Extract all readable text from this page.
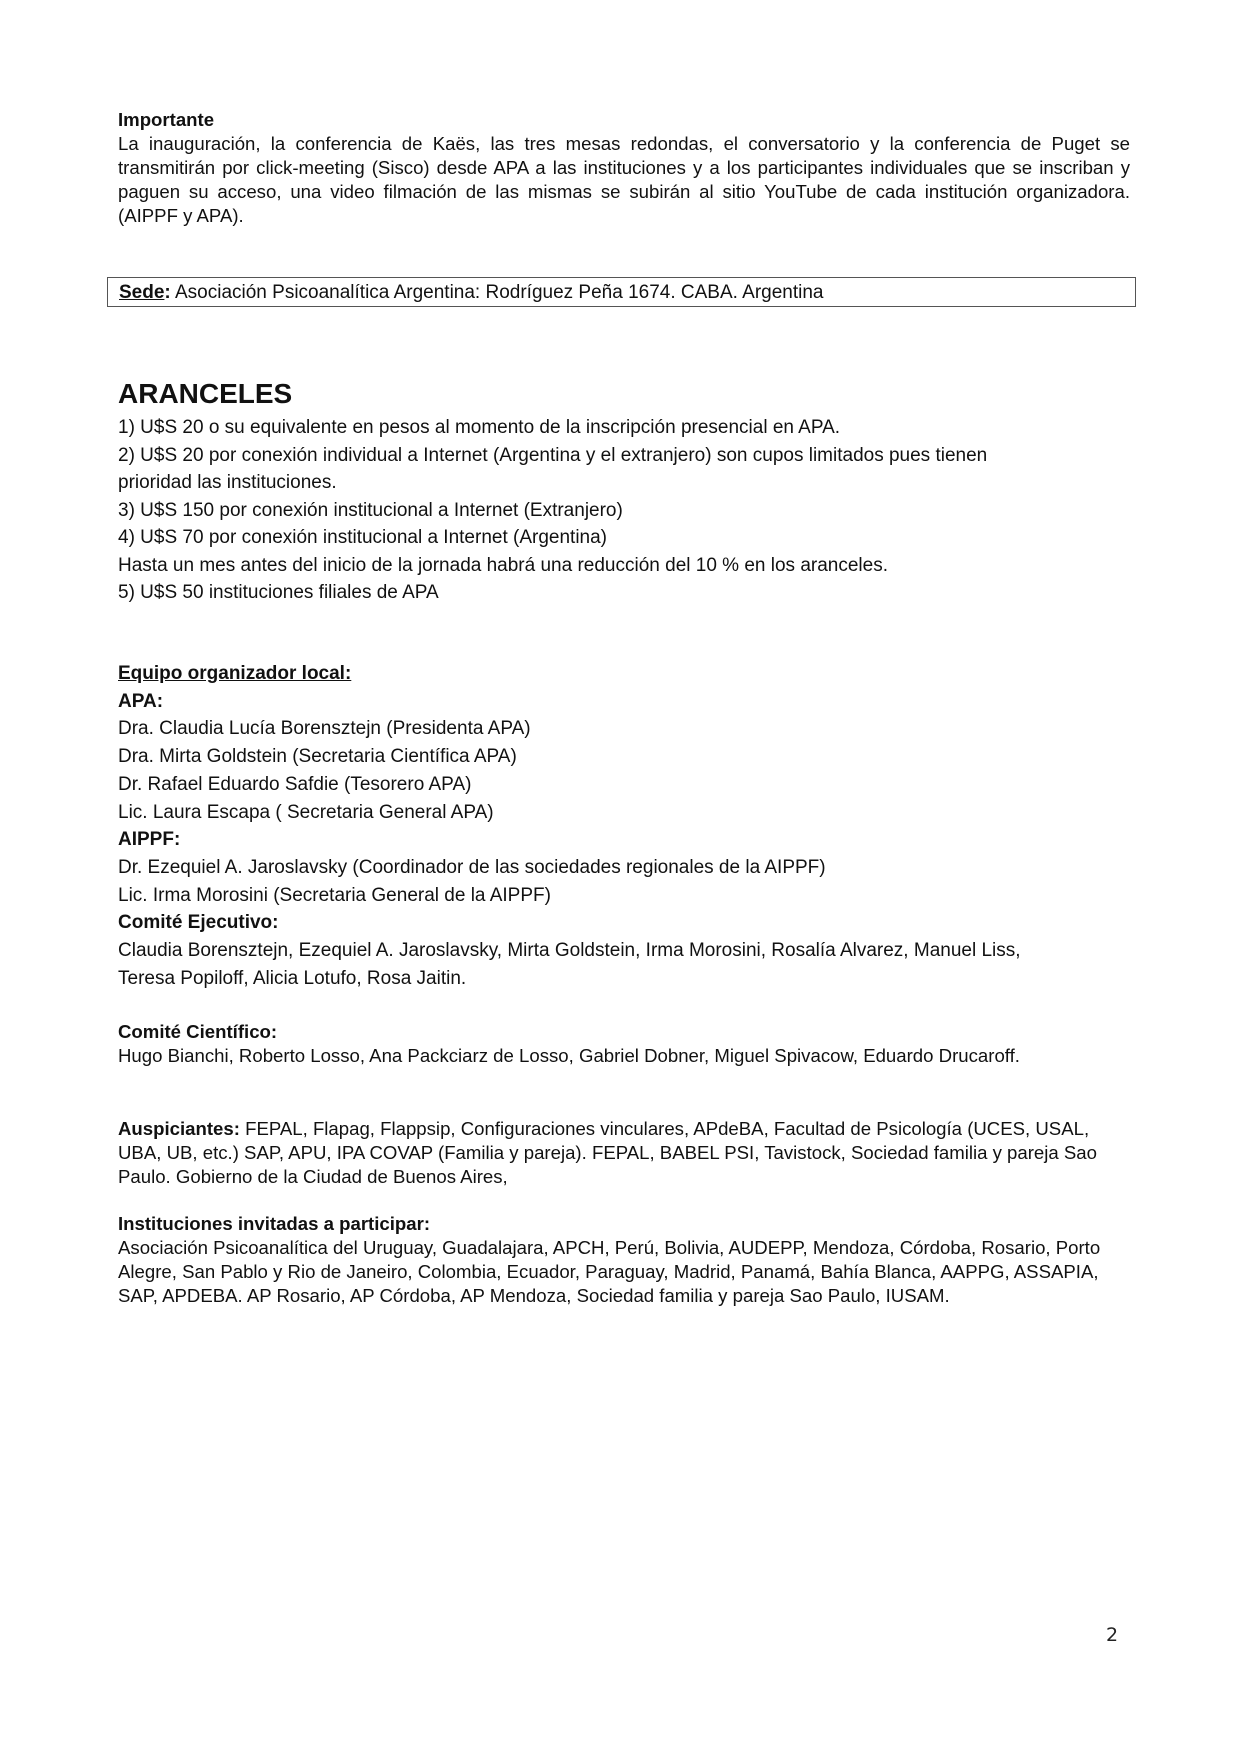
Importante

La inauguración, la conferencia de Kaës, las tres mesas redondas, el conversatorio y la conferencia de Puget se transmitirán por click-meeting (Sisco) desde APA a las instituciones y a los participantes individuales que se inscriban y paguen su acceso, una video filmación de las mismas se subirán al sitio YouTube de cada institución organizadora. (AIPPF y APA).

Sede: Asociación Psicoanalítica Argentina: Rodríguez Peña 1674. CABA. Argentina

ARANCELES

1) U$S 20 o su equivalente en pesos al momento de la inscripción presencial en APA.

2) U$S 20 por conexión individual a Internet (Argentina y el extranjero) son cupos limitados pues tienen

prioridad las instituciones.

3) U$S 150 por conexión institucional a Internet (Extranjero)

4) U$S 70 por conexión institucional a Internet (Argentina)

Hasta un mes antes del inicio de la jornada habrá una reducción del 10 % en los aranceles.

5) U$S 50 instituciones filiales de APA

Equipo organizador local:

APA:

Dra. Claudia Lucía Borensztejn (Presidenta APA)

Dra. Mirta Goldstein (Secretaria Científica APA)

Dr. Rafael Eduardo Safdie (Tesorero APA)

Lic. Laura Escapa ( Secretaria General APA)

AIPPF:

Dr. Ezequiel A. Jaroslavsky (Coordinador de las sociedades regionales de la AIPPF)

Lic. Irma Morosini (Secretaria General de la AIPPF)

Comité Ejecutivo:

Claudia Borensztejn, Ezequiel A. Jaroslavsky, Mirta Goldstein, Irma Morosini, Rosalía Alvarez, Manuel Liss,

Teresa Popiloff, Alicia Lotufo, Rosa Jaitin.

Comité Científico:

Hugo Bianchi, Roberto Losso, Ana Packciarz de Losso, Gabriel Dobner, Miguel Spivacow, Eduardo Drucaroff.

Auspiciantes: FEPAL, Flapag, Flappsip, Configuraciones vinculares, APdeBA, Facultad de Psicología (UCES, USAL, UBA, UB, etc.) SAP, APU, IPA COVAP (Familia y pareja). FEPAL, BABEL PSI, Tavistock, Sociedad familia y pareja Sao Paulo. Gobierno de la Ciudad de Buenos Aires,

Instituciones invitadas a participar:

Asociación Psicoanalítica del Uruguay, Guadalajara, APCH, Perú, Bolivia, AUDEPP, Mendoza, Córdoba, Rosario, Porto Alegre, San Pablo y Rio de Janeiro, Colombia, Ecuador, Paraguay, Madrid, Panamá, Bahía Blanca, AAPPG, ASSAPIA, SAP, APDEBA. AP Rosario, AP Córdoba, AP Mendoza, Sociedad familia y pareja Sao Paulo, IUSAM.

2
